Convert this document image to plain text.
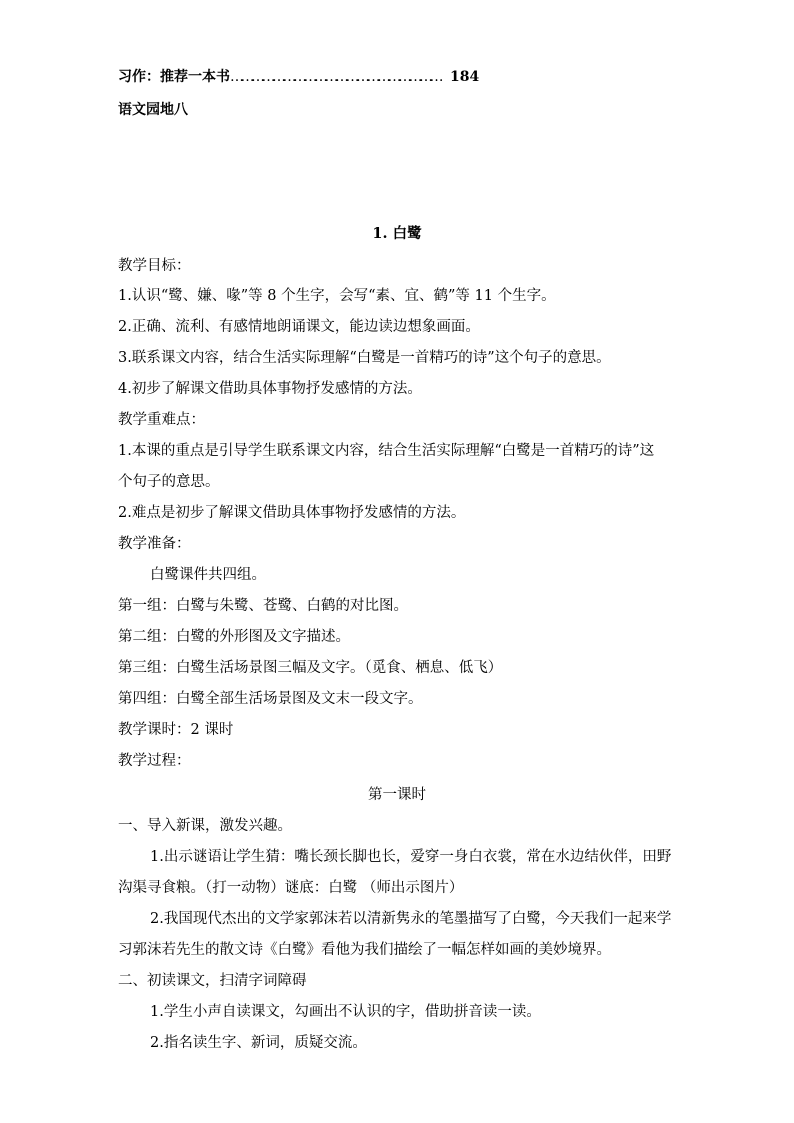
习作：推荐一本书…………………………………………………… 184
语文园地八
1. 白鹭
教学目标：
1.认识“鹭、嫌、喙”等 8 个生字，会写“素、宜、鹤”等 11 个生字。
2.正确、流利、有感情地朗诵课文，能边读边想象画面。
3.联系课文内容，结合生活实际理解“白鹭是一首精巧的诗”这个句子的意思。
4.初步了解课文借助具体事物抒发感情的方法。
教学重难点：
1.本课的重点是引导学生联系课文内容，结合生活实际理解“白鹭是一首精巧的诗”这
个句子的意思。
2.难点是初步了解课文借助具体事物抒发感情的方法。
教学准备：
白鹭课件共四组。
第一组：白鹭与朱鹭、苍鹭、白鹤的对比图。
第二组：白鹭的外形图及文字描述。
第三组：白鹭生活场景图三幅及文字。（觅食、栖息、低飞）
第四组：白鹭全部生活场景图及文末一段文字。
教学课时：2 课时
教学过程：
第一课时
一、导入新课，激发兴趣。
1.出示谜语让学生猜：嘴长颈长脚也长，爱穿一身白衣裳，常在水边结伙伴，田野
沟渠寻食粮。（打一动物）谜底：白鹭 （师出示图片）
2.我国现代杰出的文学家郭沫若以清新隽永的笔墨描写了白鹭，今天我们一起来学
习郭沫若先生的散文诗《白鹭》看他为我们描绘了一幅怎样如画的美妙境界。
二、初读课文，扫清字词障碍
1.学生小声自读课文，勾画出不认识的字，借助拼音读一读。
2.指名读生字、新词，质疑交流。
